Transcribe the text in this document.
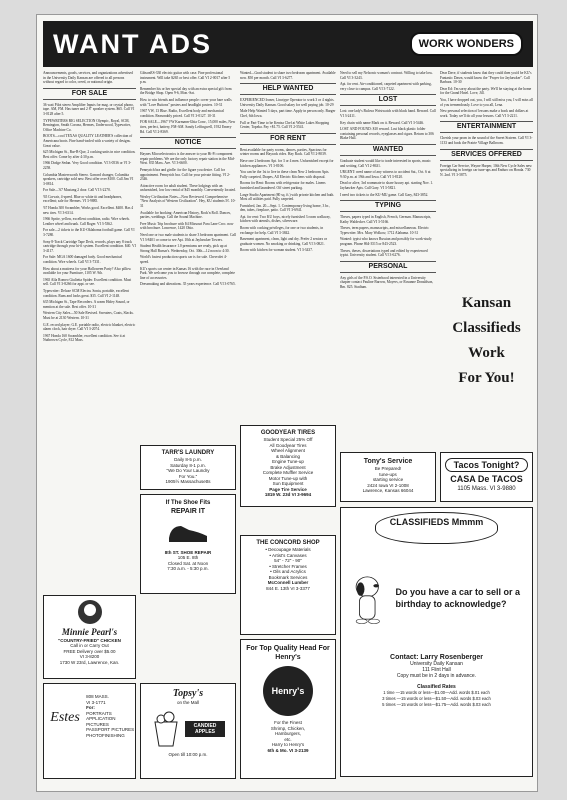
WANT ADS	WORK WONDERS

Announcements, goods, services, and organizations advertised in the University Daily Kansan are offered to all persons without regard to color, creed, or national origin.

FOR SALE

36 watt Pilot stereo Amplifier Inputs for mag. or crystal phono, tape. AM, FM. Has tuner and 2 8" speaker system. $65. Call VI 3-0128 after 5.

TYPEWRITERS BIG SELECTION Olympic, Royal, SCM, Remington, Smith Corona, Hermes, Underwood, Typewriter, Office Machine Co.

BOOTS—cool TEXAS QUALITY LEATHER'S collection of Americana boots. Fine hand-tooled with a variety of designs. Great value.

625 Michigan St., Bar-B-Que, 2 cooking units in nice condition. Best offer. Come by after 4:30 p.m.

1966 Dodge Sedan. Very Good condition. VI 3-0536 or VI 3-2258.

Columbia Mastersworth Stereo. Garrard changer, Columbia speakers, cartridge sold new. Best offer over $100. Call Jim VI 3-0814.

For Sale—'67 Mustang 2 door. Call VI 3-2270.

'65 Corvair, 4-speed. Blue or white tit and headphones, excellent; sale for Hermes. VI 3-9885.

'67 Honda 300 Scrambler, Works good. Excellent. $400. Has 4 new tires. VI 3-6314.

1966 Sprite, yellow, excellent condition, radio. Wire wheels. Leather wheel and trunk. Call Roger. VI 3-5362.

For sale—2 tickets to the KU-Oklahoma football game. Call VI 3-7280.

Sony 8-Track Cartridge Tape Deck, records, plays any 8 track cartridge through your hi-fi system. Excellent condition. $40. VI 3-4117.

For Sale: MGA 1600 damaged body. Good mechanical condition. Wire wheels. Call VI 3-7331.

How about a mattress for your Halloween Party? Also pillow available for your Furniture, 1105 W. 9th.

1965 Alfa Romeo Giulietta Spider. Excellent condition. Must sell. Call VI 3-8266 for appt. or see.

Typewriter: Deluxe SCM Electra. Sonia, portable, excellent condition. Runs and looks great. $35. Call VI 2-1148.

635 Michigan St., Tape Recorders. A warm Hidey Sound, or mention at the sale. Best offer. 10-31

Western City Sales—50 Sale Revised. Sweaters, Coats, Slacks. Must be at 2130 Western. 10-31

G.E. record player; G.E. portable radio, electric blanket, electric alarm clock, hair dryer. Call VI 3-2074.

1967 Honda 160 Scrambler, excellent condition. See it at Nutbrown Cycle, 812 Mass.

GibsonES-330 electric guitar with case. Fine professional instrument. Will take $265 or best offer. Call VI 2-0017 after 5 p.m.

Remember his or her special day with an extra special gift from the Bridge Shop. Open 9-6, Mon.-Sat.

How to win friends and influence people: cover your bare walls with "Love Buttons" posters and headlight posters. 10-31

1967 VW, 13 Blue. Radio, Excellent body and mechanical condition. Reasonably priced. Call VI 3-0127. 10-31

FOR SALE—1967 VW Karmann-Ghia Conv., 15,000 miles, New tires, perfect, battery, FM-AM. Sandy Leffingwell, 1932 Emery Rd. Call VI 2-8369.

NOTICE

Haynes Microelectronics is the answer to your Hi-Fi component repair problems. We are the only factory repair station in the Mid-West. 835 Mass. Ave. VI 3-6600.

Pennyrich bra and girdle: for the figure you desire. Call for appointment. Pennyrich bra. Call for your private fitting. VI 2-2346.

Attractive room for adult student. These lodgings with an unfurnished, low low rental of $45 monthly. Conveniently located.

Wesley Civilization Notes—Now Reviewed. Comprehensive "New Analysis of Western Civilization". Hey, KU students 5¢. 10-31

Available for booking: American History, Rock'n Roll. Dances, parties, weddings. Call the Sound Machine.

Free Music Trip brochure with $4 Missouri Para Lane Croc. now with brochure. Lawrence, 1420 Ohio.

Need one or two male students to share 3 bedroom apartment. Call VI 3-8401 or come to see Apt. 10th at Jayhawker Towers.

Student Health Insurance 1.0 premiums are ready, pick up at Strong Hall Bursar's. Wednesday, Oct. 30th—12 noon to 4:30.

World's fastest production sports car is for sale. Chevrolet 4-speed.

KU's sports car center in Kansas 16 with the race in Overland Park. We welcome you to browse through our complete, complete line of accessories.

Dressmaking and alterations. 35 years experience. Call VI 3-0765.

Wanted—Grad student to share two bedroom apartment. Available now. $50 per month. Call VI 3-6277.

HELP WANTED

EXPERIENCED Ironer, Linotype Operator to work 3 or 4 nights. University Daily Kansan. Good salary for well paying job. 10-29

Male Help Wanted 5 days, part time. Apply in person only. Burger Chef, 6th Iowa.

Full or Part-Time to be Kentsa Chef at White Lakes Shopping Center, Topeka. Pay +$1.75. Call VI 2-5541.

FOR RENT

Rent available for party rooms, dances, parties, Spacious for winter rooms and Hayrack rides. Hay Rack. Call VI 2-8039.

Have one 2 bedroom Apt. for 3 or 4 men. Unfurnished except for kitchen appliances. VI 3-8106.

You can be the 1st to live in these clean New 2 bedroom Apts. Fully carpeted, Drapes, All Electric Kitchens with disposal.

Rooms for Rent: Rooms with refrigerator for males. Linens furnished and laundered. Off street parking.

Large Studio Apartment (80 sq. ft.) with private kitchen and bath. Most all utilities paid. Fully carpeted.

Furnished, Jan. 20—Sept. 1. Contemporary living home, 3 br., den, tubes, fireplace, patio. Call VI 3-6941.

Apt. for rent: Two KU boys, nicely furnished 3 room walkway, kitchen with utensils, dishes, silverware.

Room with cooking privileges, for one or two students, in exchange for help. Call VI 3-3842.

Basement apartment, clean, light and dry. Prefer 2 seniors or graduate women. No smoking or drinking. Call VI 3-0821.

Room with kitchen for woman student. VI 3-3437.

Need to sell my Nelsonic woman's contract. Willing to take loss. Call VI 3-3243.

Apt. for rent. Air-conditioned, carpeted apartment with parking, very close to campus. Call VI 3-7122.

LOST

Lost: one lady's Bulova Wristwatch with black band. Reward. Call VI 3-2411.

Key chain with name Mark on it. Reward. Call VI 3-5446.

LOST AND FOUND: $10 reward. Lost black plastic folder containing personal records, eyeglasses and cigars. Return to 306 Blake Hall.

WANTED

Graduate student would like to trade interested in sports, music and writing. Call VI 2-8631.

URGENT: need name of any witness to accident Sat., Oct. 6 at 9:30 p.m. at 19th and Iowa. Call VI 3-8120.

Dead or alive, 3rd roommate to share luxury apt. starting Nov. 1. Jayhawker Apts. Call Gary. VI 3-5821.

I need two tickets to the KU-MU game. Call Gary, 843-3852.

TYPING

Theses, papers typed in English, French, German. Manuscripts, Kathy Waldecker. Call VI 3-5166.

Theses, term papers, manuscripts, and miscellaneous. Electric Typewriter. Mrs. Mary Wolkow, 1712 Alabama. 10-31

Wanted: typist who knows Russian and possibly for work-study program. Phone 864-3515 or 843-2523.

Theses, theses, dissertations typed and edited by experienced typist. University student. Call VI 3-6276.

PERSONAL

Any girls of the P.S.O. Sisterhood interested in a University chapter contact Pauline Barrow, Moyers, or Rosanne Donaldson, Rm. 825. Stadium.

Dear Dave, if students know that they could then you'd be KU's Fantastic Dawn, would know the "Prayer for Jayhawker". Call Barbara. 10-30

Dear Ed: I'm sorry about the party. We'll be staying at the home for the Grand Hotel. Love, Jill.

You, I have dropped out, you, I will still miss you, I will miss all of you tremendously. Love to you all, Lena.

New personal selection of lessons make a book and dollars at work. Today we'll do all your lessons. Call VI 3-2211.

ENTERTAINMENT

Cherish your prom in the sound of the Sweet Sixteen. Call VI 3-1133 and book the Prairie Village Ballroom.

SERVICES OFFERED

Foreign Car Service, Wayne Harper, 10th New Cycle Sales new specializing in foreign car tune-ups and Enduro on Honda. 730 N. 2nd. VI 3-5875.

Kansan
Classifieds
Work
For You!
GOODYEAR TIRES
Student Special 25% Off
All Goodyear Tires
Wheel Alignment
& Balancing
Engine Tune-up
Brake Adjustment
Complete Muffler Service
Motor Tune-up with
Sun Equipment
Page Tire Service
1819 W. 23d VI 3-9694
Tony's Service
Be Prepared!
tune-ups
starting service
2424 Iowa VI 2-1008
Lawrence, Kansas 66044
Tacos Tonight?
CASA De TACOS
1105 Mass. VI 3-9880
TARR'S LAUNDRY
Daily 8-5 p.m.
Saturday 8-1 p.m.
"We Do Your Laundry
For You."
1905½ Massachusetts
If The Shoe Fits
REPAIR IT
8th ST. SHOE REPAIR
105 E. 8th
Closed Sat. at Noon
7:30 a.m. - 5:30 p.m.
THE CONCORD SHOP
• Decoupage Materials
• Artist's Canvases
54" - 72" - 90"
• Stretcher Frames
• Oils and Acrylics
Bookmark Services
McConnell Lumber
844 E. 13th VI 3-3377
CLASSIFIEDS Mmmm
Do you have a car to sell or a birthday to acknowledge?
Contact: Larry Rosenberger
University Daily Kansan
111 Flint Hall
Copy must be in 2 days in advance.
Classified Rates
1 time —15 words or less—$1.00—Add. words $.01 each
3 times —15 words or less—$1.50—Add. words $.03 each
5 times —15 words or less—$1.75—Add. words $.03 each
For Top Quality Head For Henry's
Henry's
For the Finest
Shrimp, Chicken,
Hamburgers,
etc.
Harry to Henry's
6th & Mo. VI 3-2139
Minnie Pearl's
"COUNTRY-FRIED" CHICKEN
Call in or Carry Out
FREE Delivery over $5.00
VI 3-8200
1730 W 23rd, Lawrence, Kan.
Estes
808 MASS.
VI 3-1771
For:
PORTRAITS
APPLICATION PICTURES
PASSPORT PICTURES
PHOTOFINISHING
Topsy's
on the Mall
CANDIED APPLES
Open till 10:00 p.m.
